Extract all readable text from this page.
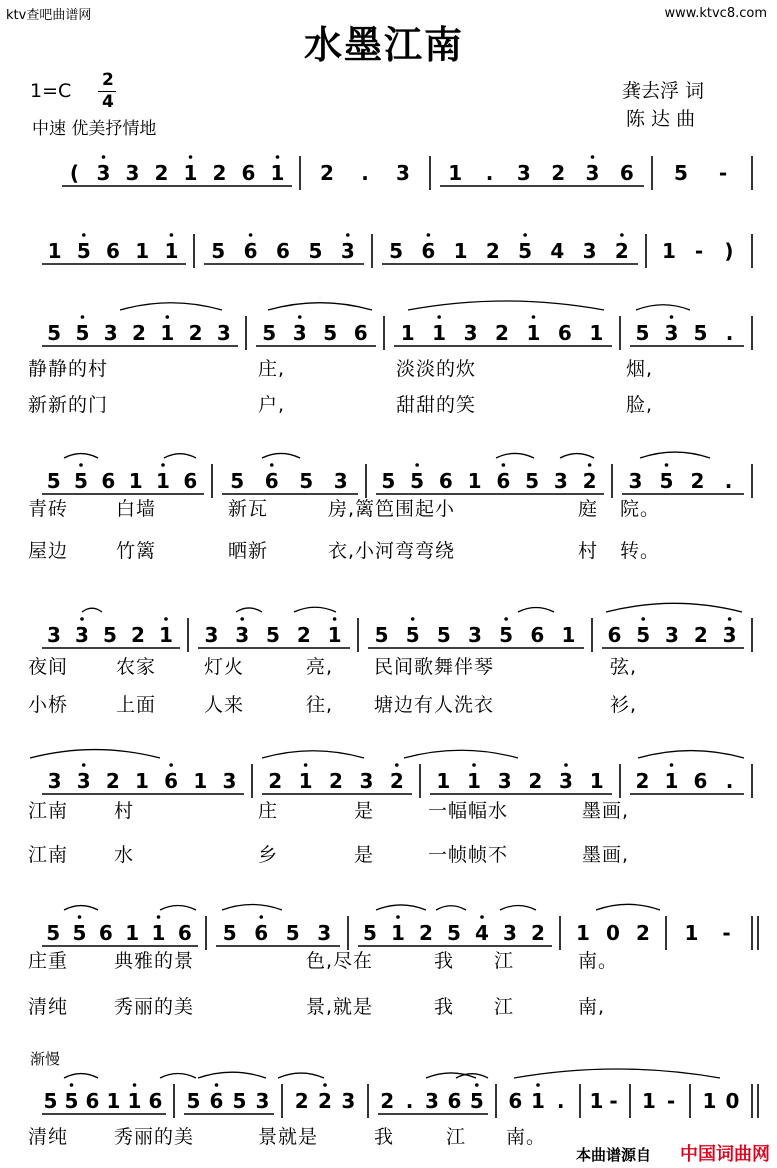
ktv查吧曲谱网	www.ktvc8.com
水墨江南
1=C 2
4
中速 优美抒情地
龚去浮 词
陈 达 曲
( 3 3 2 1 2 6 1 2 . 3 1 . 3 2 3 6 5 -
1 5 6 1 1 5 6 6 5 3 5 6 1 2 5 4 3 2 1 - )
5 5 3 2 1 2 3 5 3 5 6 1 1 3 2 1 6 1 5 3 5 .
5 5 6 1 1 6 5 6 5 3 5 5 6 1 6 5 3 2 3 5 2 .
3 3 5 2 1 3 3 5 2 1 5 5 5 3 5 6 1 6 5 3 2 3
3 3 2 1 6 1 3 2 1 2 3 2 1 1 3 2 3 1 2 1 6 .
5 5 6 1 1 6 5 6 5 3 5 1 2 5 4 3 2 1 0 2 1 -
5 5 6 1 1 6 5 6 5 3 2 2 3 2 . 3 6 5 6 1 . 1 - 1 - 1 0
静静的村	庄,	淡淡的炊	烟,
新新的门	户,	甜甜的笑	脸,
青砖	白墙	新瓦	房,篱笆围起小	庭 院。
屋边	竹篱	晒新	衣,小河弯弯绕	村 转。
夜间	农家	灯火	亮, 民间歌舞伴琴	弦,
小桥	上面	人来	往, 塘边有人洗衣	衫,
江南 村	庄	是	一幅幅水	墨画,
江南 水	乡	是	一帧帧不	墨画,
庄重 典雅的景	色,尽在	我 江	南。
清纯 秀丽的美	景,就是	我 江	南,
清纯 秀丽的美	景就是	我	江 南。
渐慢
本曲谱源自 中国词曲网
